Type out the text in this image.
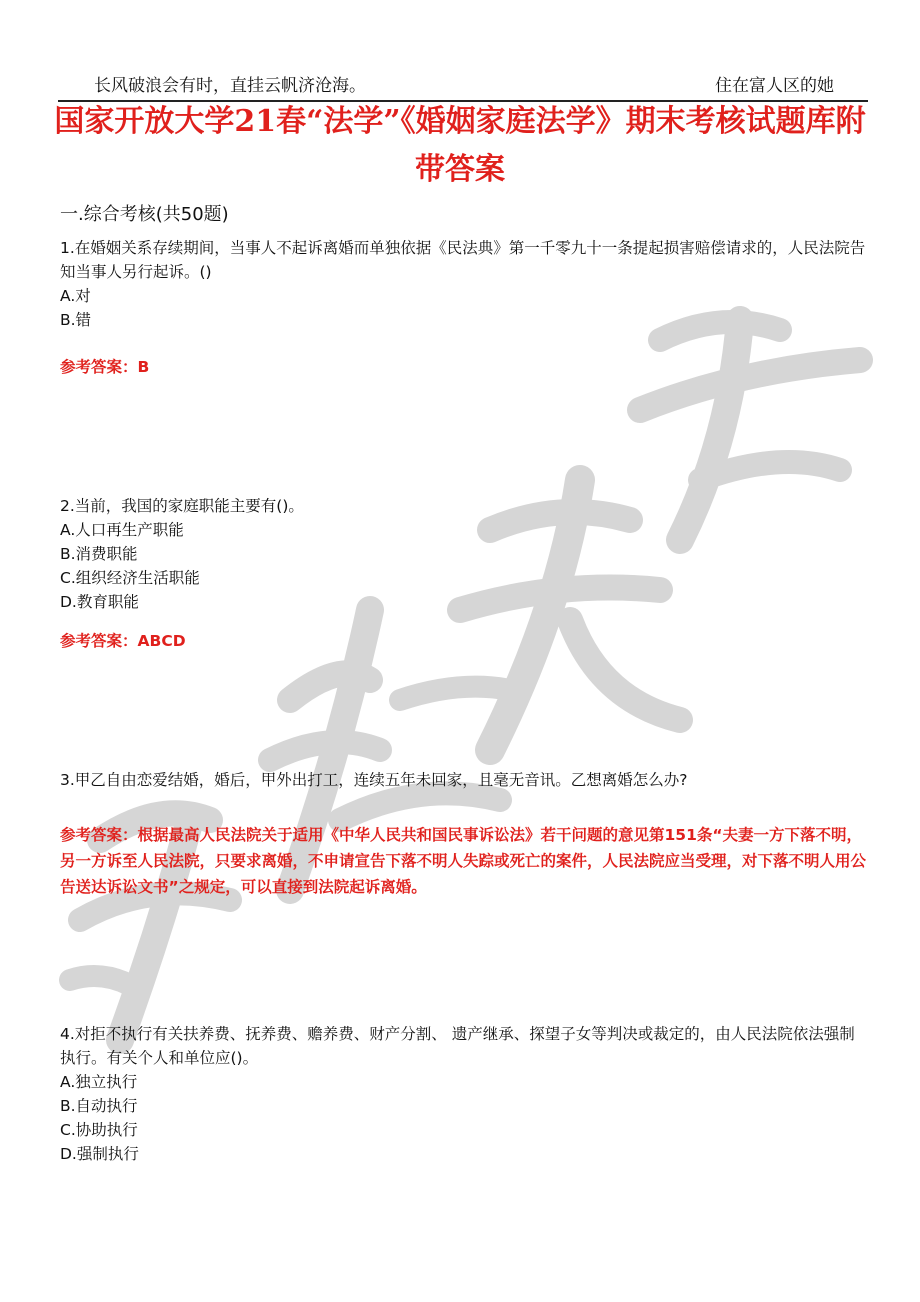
长风破浪会有时，直挂云帆济沧海。	住在富人区的她
国家开放大学21春“法学”《婚姻家庭法学》期末考核试题库附带答案

一.综合考核(共50题)

1.在婚姻关系存续期间，当事人不起诉离婚而单独依据《民法典》第一千零九十一条提起损害赔偿请求的，人民法院告知当事人另行起诉。()

A.对

B.错

参考答案：B

2.当前，我国的家庭职能主要有()。

A.人口再生产职能

B.消费职能

C.组织经济生活职能

D.教育职能

参考答案：ABCD

3.甲乙自由恋爱结婚，婚后，甲外出打工，连续五年未回家，且毫无音讯。乙想离婚怎么办?

参考答案：根据最高人民法院关于适用《中华人民共和国民事诉讼法》若干问题的意见第151条“夫妻一方下落不明，另一方诉至人民法院，只要求离婚，不申请宣告下落不明人失踪或死亡的案件，人民法院应当受理，对下落不明人用公告送达诉讼文书”之规定，可以直接到法院起诉离婚。

4.对拒不执行有关扶养费、抚养费、赡养费、财产分割、 遗产继承、探望子女等判决或裁定的，由人民法院依法强制执行。有关个人和单位应()。

A.独立执行

B.自动执行

C.协助执行

D.强制执行
